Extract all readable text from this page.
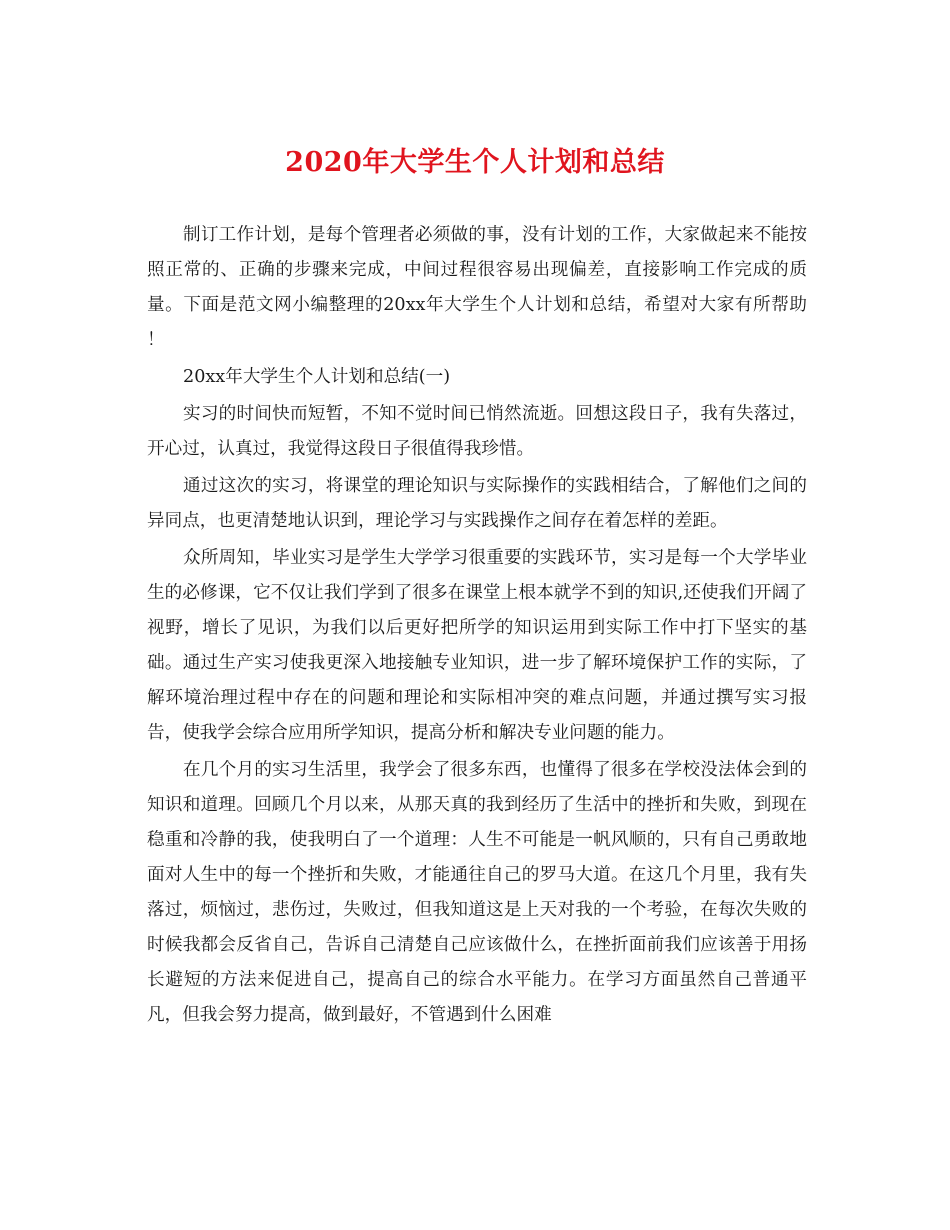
2020年大学生个人计划和总结

制订工作计划，是每个管理者必须做的事，没有计划的工作，大家做起来不能按照正常的、正确的步骤来完成，中间过程很容易出现偏差，直接影响工作完成的质量。下面是范文网小编整理的20xx年大学生个人计划和总结，希望对大家有所帮助 ！

20xx年大学生个人计划和总结(一)

实习的时间快而短暂，不知不觉时间已悄然流逝。回想这段日子，我有失落过，开心过，认真过，我觉得这段日子很值得我珍惜。

通过这次的实习，将课堂的理论知识与实际操作的实践相结合，了解他们之间的异同点，也更清楚地认识到，理论学习与实践操作之间存在着怎样的差距。

众所周知，毕业实习是学生大学学习很重要的实践环节，实习是每一个大学毕业生的必修课，它不仅让我们学到了很多在课堂上根本就学不到的知识,还使我们开阔了视野，增长了见识，为我们以后更好把所学的知识运用到实际工作中打下坚实的基础。通过生产实习使我更深入地接触专业知识，进一步了解环境保护工作的实际，了解环境治理过程中存在的问题和理论和实际相冲突的难点问题，并通过撰写实习报告，使我学会综合应用所学知识，提高分析和解决专业问题的能力。

在几个月的实习生活里，我学会了很多东西，也懂得了很多在学校没法体会到的知识和道理。回顾几个月以来，从那天真的我到经历了生活中的挫折和失败，到现在稳重和冷静的我，使我明白了一个道理：人生不可能是一帆风顺的，只有自己勇敢地面对人生中的每一个挫折和失败，才能通往自己的罗马大道。在这几个月里，我有失落过，烦恼过，悲伤过，失败过，但我知道这是上天对我的一个考验，在每次失败的时候我都会反省自己，告诉自己清楚自己应该做什么，在挫折面前我们应该善于用扬长避短的方法来促进自己，提高自己的综合水平能力。在学习方面虽然自己普通平凡，但我会努力提高，做到最好，不管遇到什么困难
